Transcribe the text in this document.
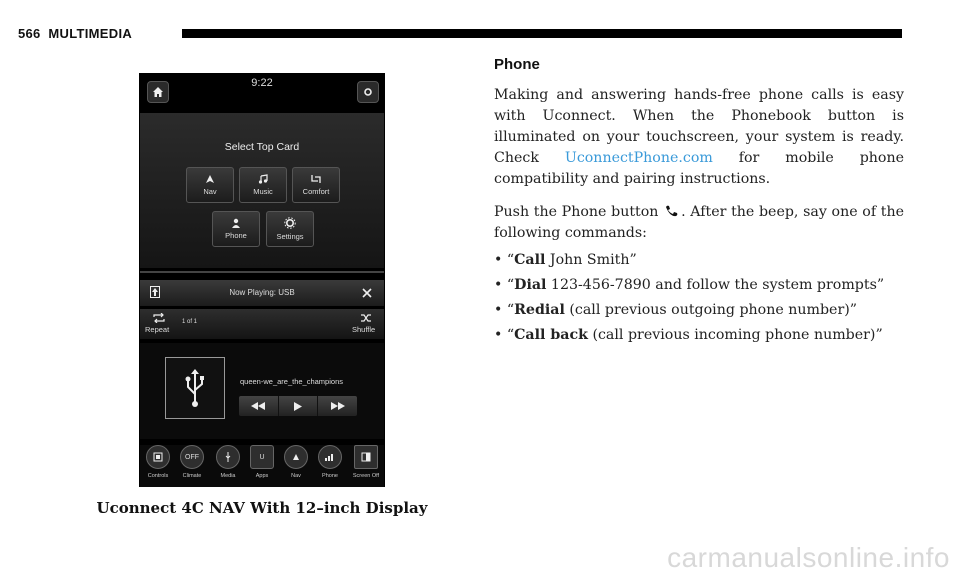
566 MULTIMEDIA
9:22
Select Top Card
Nav	Music	Comfort
Phone	Settings
Now Playing: USB
Repeat
1 of 1
Shuffle
queen-we_are_the_champions
Controls
OFF
Climate	Media
U
Apps	Nav	Phone	Screen Off
Uconnect 4C NAV With 12–inch Display
Phone
Making and answering hands-free phone calls is easy with Uconnect. When the Phonebook button is illuminated on your touchscreen, your system is ready. Check UconnectPhone.com for mobile phone compatibility and pairing instructions.
Push the Phone button . After the beep, say one of the following commands:
• “Call John Smith”
• “Dial 123-456-7890 and follow the system prompts”
• “Redial (call previous outgoing phone number)”
• “Call back (call previous incoming phone number)”
carmanualsonline.info
